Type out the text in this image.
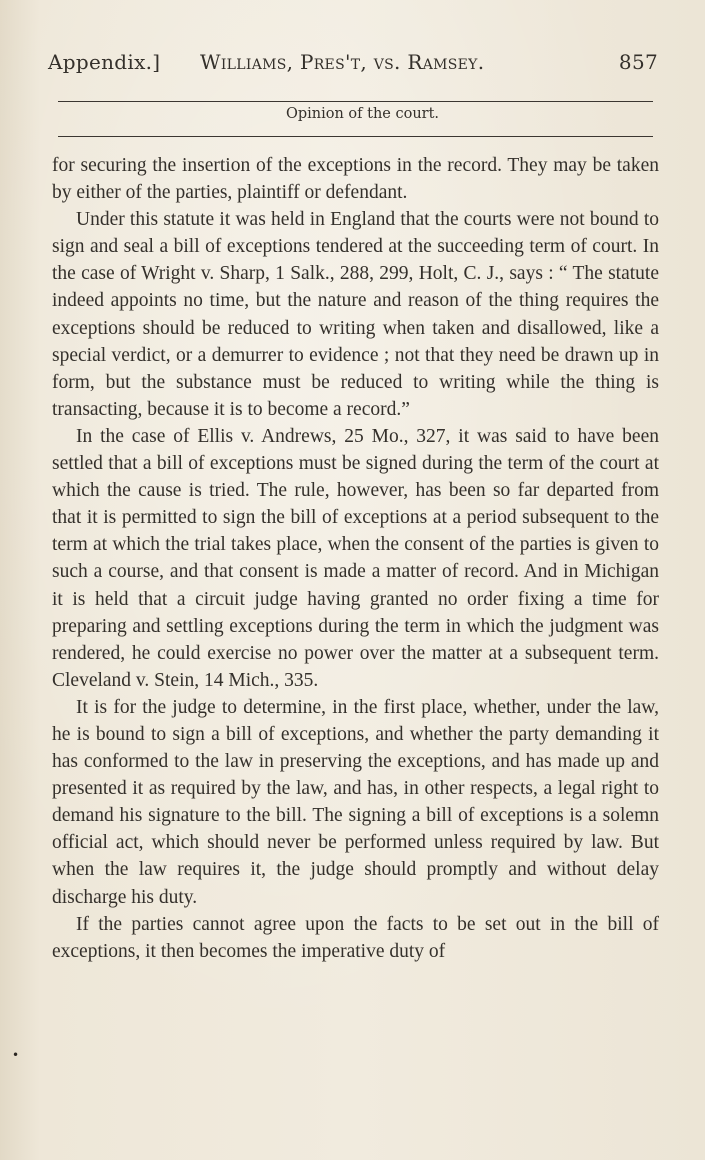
Appendix.] Williams, Pres't, vs. Ramsey.	857
Opinion of the court.

for securing the insertion of the exceptions in the record. They may be taken by either of the parties, plaintiff or defendant.

Under this statute it was held in England that the courts were not bound to sign and seal a bill of exceptions tendered at the succeeding term of court. In the case of Wright v. Sharp, 1 Salk., 288, 299, Holt, C. J., says : “ The statute indeed appoints no time, but the nature and reason of the thing requires the exceptions should be reduced to writing when taken and disallowed, like a special verdict, or a demurrer to evidence ; not that they need be drawn up in form, but the substance must be reduced to writing while the thing is transacting, because it is to become a record.”

In the case of Ellis v. Andrews, 25 Mo., 327, it was said to have been settled that a bill of exceptions must be signed during the term of the court at which the cause is tried. The rule, however, has been so far departed from that it is permitted to sign the bill of exceptions at a period subsequent to the term at which the trial takes place, when the consent of the parties is given to such a course, and that consent is made a matter of record. And in Michigan it is held that a circuit judge having granted no order fixing a time for preparing and settling exceptions during the term in which the judgment was rendered, he could exercise no power over the matter at a subsequent term. Cleveland v. Stein, 14 Mich., 335.

It is for the judge to determine, in the first place, whether, under the law, he is bound to sign a bill of exceptions, and whether the party demanding it has conformed to the law in preserving the exceptions, and has made up and presented it as required by the law, and has, in other respects, a legal right to demand his signature to the bill. The signing a bill of exceptions is a solemn official act, which should never be performed unless required by law. But when the law requires it, the judge should promptly and without delay discharge his duty.

If the parties cannot agree upon the facts to be set out in the bill of exceptions, it then becomes the imperative duty of

•
